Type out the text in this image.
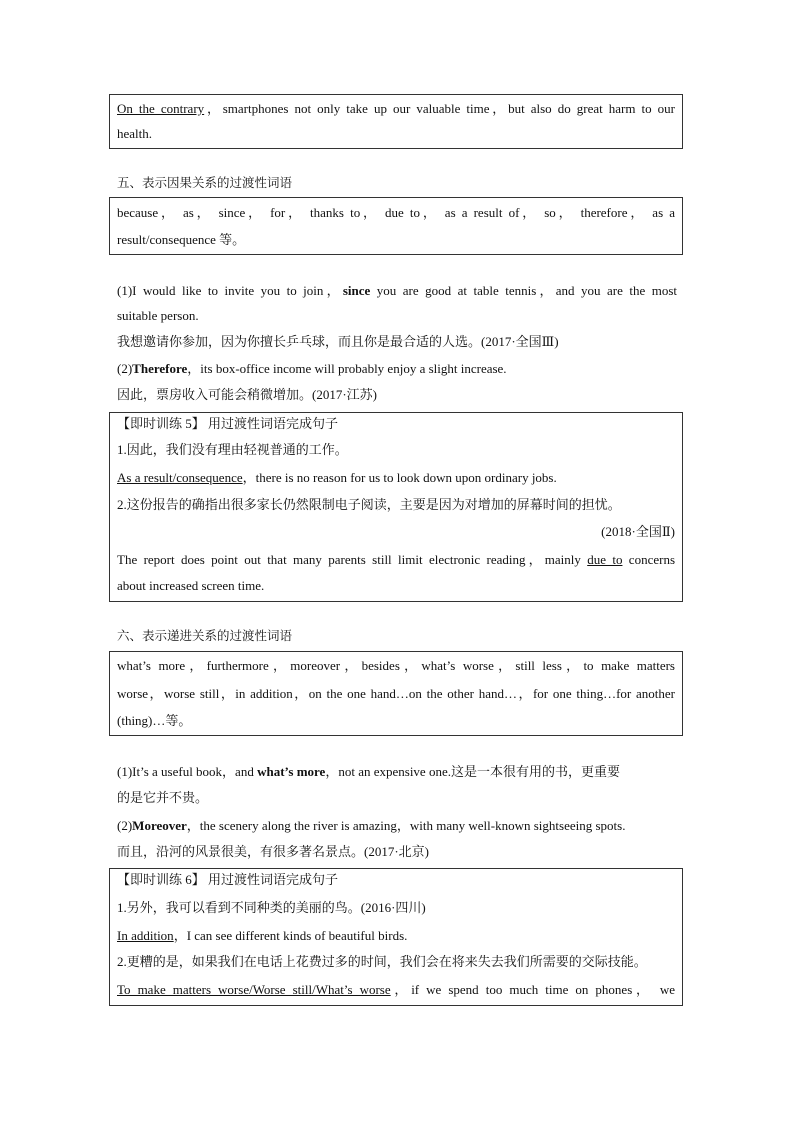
On the contrary，smartphones not only take up our valuable time，but also do great harm to our
health.
五、表示因果关系的过渡性词语
because， as， since， for， thanks to， due to， as a result of， so， therefore， as a
result/consequence 等。
(1)I would like to invite you to join，since you are good at table tennis，and you are the most
suitable person.
我想邀请你参加，因为你擅长乒乓球，而且你是最合适的人选。(2017·全国Ⅲ)
(2)Therefore，its box-office income will probably enjoy a slight increase.
因此，票房收入可能会稍微增加。(2017·江苏)
【即时训练 5】 用过渡性词语完成句子
1.因此，我们没有理由轻视普通的工作。
As a result/consequence，there is no reason for us to look down upon ordinary jobs.
2.这份报告的确指出很多家长仍然限制电子阅读，主要是因为对增加的屏幕时间的担忧。
(2018·全国Ⅱ)
The report does point out that many parents still limit electronic reading，mainly due to concerns
about increased screen time.
六、表示递进关系的过渡性词语
what’s more，furthermore，moreover，besides，what’s worse，still less，to make matters
worse，worse still，in addition，on the one hand…on the other hand…，for one thing…for another
(thing)…等。
(1)It’s a useful book，and what’s more，not an expensive one.这是一本很有用的书，更重要
的是它并不贵。
(2)Moreover，the scenery along the river is amazing，with many well-known sightseeing spots.
而且，沿河的风景很美，有很多著名景点。(2017·北京)
【即时训练 6】 用过渡性词语完成句子
1.另外，我可以看到不同种类的美丽的鸟。(2016·四川)
In addition，I can see different kinds of beautiful birds.
2.更糟的是，如果我们在电话上花费过多的时间，我们会在将来失去我们所需要的交际技能。
To make matters worse/Worse still/What’s worse，if we spend too much time on phones， we
